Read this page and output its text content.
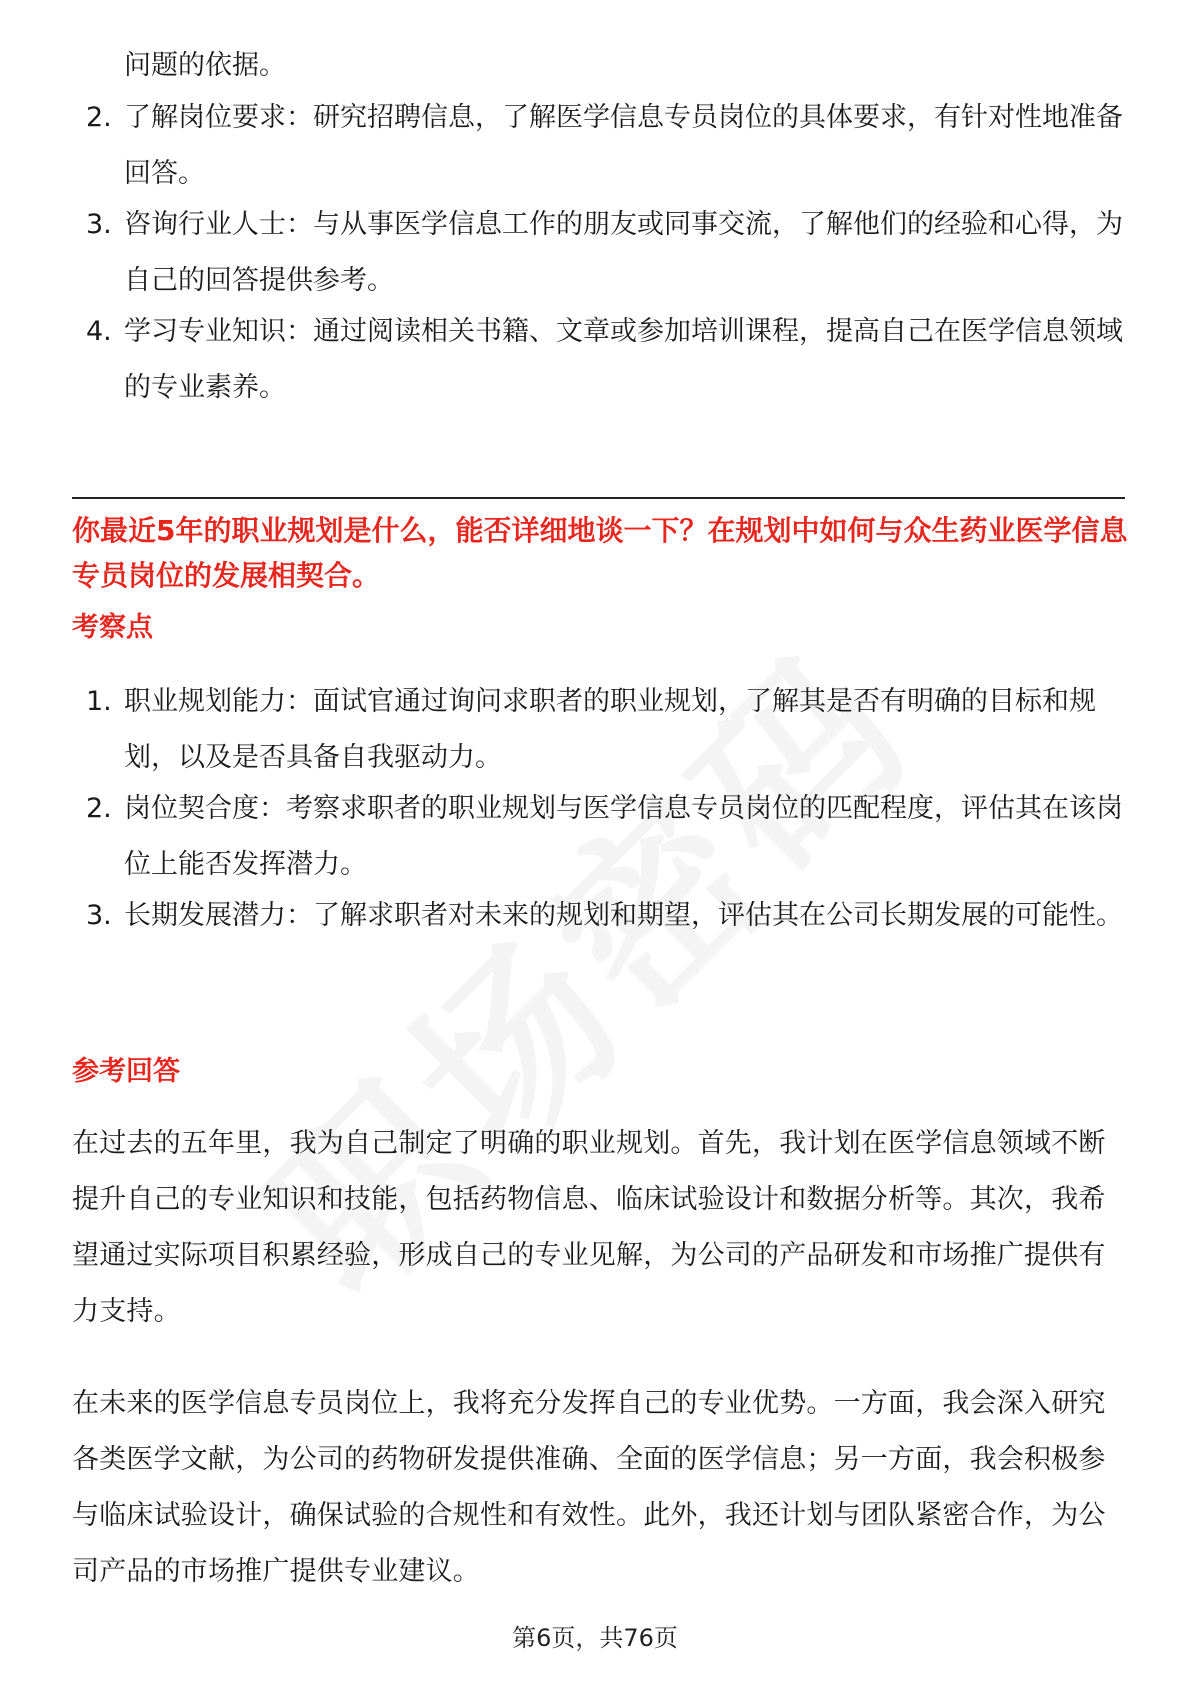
问题的依据。
2. 了解岗位要求：研究招聘信息，了解医学信息专员岗位的具体要求，有针对性地准备回答。
3. 咨询行业人士：与从事医学信息工作的朋友或同事交流，了解他们的经验和心得，为自己的回答提供参考。
4. 学习专业知识：通过阅读相关书籍、文章或参加培训课程，提高自己在医学信息领域的专业素养。
你最近5年的职业规划是什么，能否详细地谈一下？在规划中如何与众生药业医学信息专员岗位的发展相契合。
考察点
1. 职业规划能力：面试官通过询问求职者的职业规划，了解其是否有明确的目标和规划，以及是否具备自我驱动力。
2. 岗位契合度：考察求职者的职业规划与医学信息专员岗位的匹配程度，评估其在该岗位上能否发挥潜力。
3. 长期发展潜力：了解求职者对未来的规划和期望，评估其在公司长期发展的可能性。
参考回答

在过去的五年里，我为自己制定了明确的职业规划。首先，我计划在医学信息领域不断提升自己的专业知识和技能，包括药物信息、临床试验设计和数据分析等。其次，我希望通过实际项目积累经验，形成自己的专业见解，为公司的产品研发和市场推广提供有力支持。

在未来的医学信息专员岗位上，我将充分发挥自己的专业优势。一方面，我会深入研究各类医学文献，为公司的药物研发提供准确、全面的医学信息；另一方面，我会积极参与临床试验设计，确保试验的合规性和有效性。此外，我还计划与团队紧密合作，为公司产品的市场推广提供专业建议。

第6页，共76页
